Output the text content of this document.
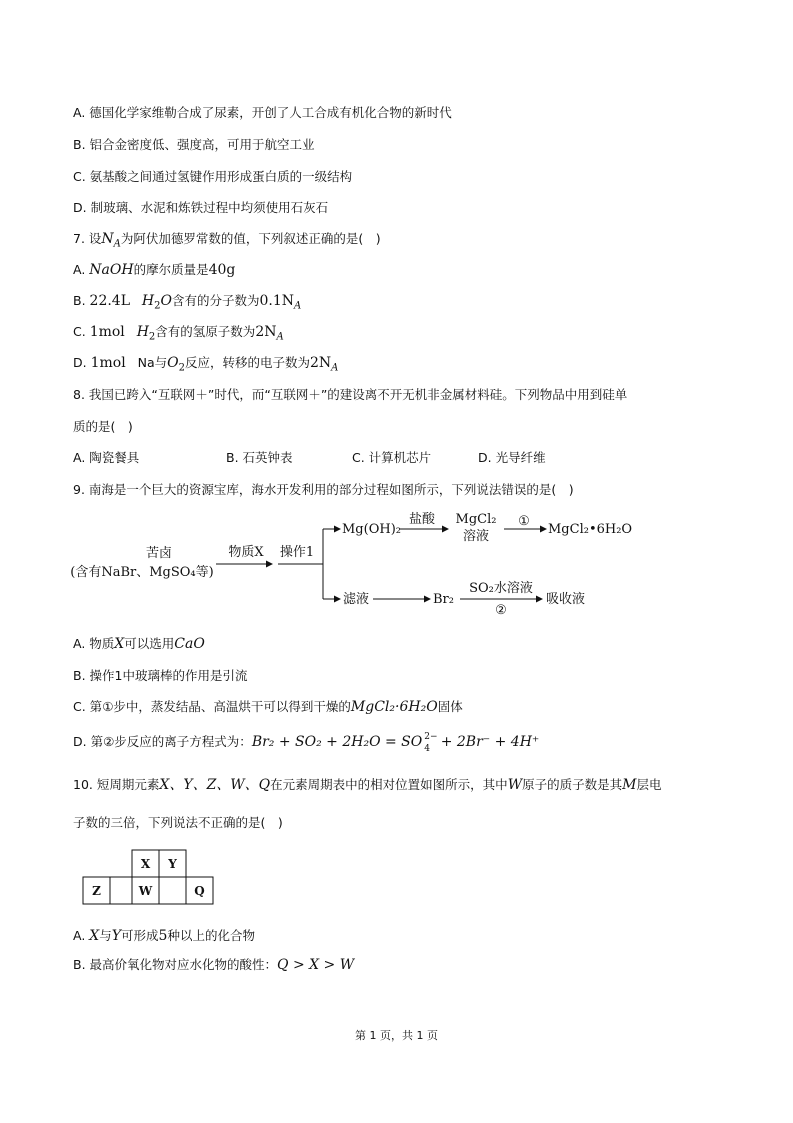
A. 德国化学家维勒合成了尿素，开创了人工合成有机化合物的新时代
B. 铝合金密度低、强度高，可用于航空工业
C. 氨基酸之间通过氢键作用形成蛋白质的一级结构
D. 制玻璃、水泥和炼铁过程中均须使用石灰石
7. 设$N_A$为阿伏加德罗常数的值，下列叙述正确的是(　)
A. NaOH的摩尔质量是40g
B. 22.4L $H_2O$含有的分子数为$0.1N_A$
C. 1mol $H_2$含有的氢原子数为$2N_A$
D. 1mol Na与$O_2$反应，转移的电子数为$2N_A$
8. 我国已跨入“互联网＋”时代，而“互联网＋”的建设离不开无机非金属材料硅。下列物品中用到硅单
质的是(　)
A. 陶瓷餐具	B. 石英钟表	C. 计算机芯片	D. 光导纤维
9. 南海是一个巨大的资源宝库，海水开发利用的部分过程如图所示，下列说法错误的是(　)
苦卤
(含有NaBr、MgSO₄等)
物质X 操作1
Mg(OH)₂
盐酸 MgCl₂
溶液
①
MgCl₂•6H₂O
滤液	Br₂
SO₂水溶液
②
吸收液
A. 物质X可以选用CaO
B. 操作1中玻璃棒的作用是引流
C. 第①步中，蒸发结晶、高温烘干可以得到干燥的MgCl₂·6H₂O固体
D. 第②步反应的离子方程式为：Br₂ + SO₂ + 2H₂O = SO 2−
4 + 2Br⁻ + 4H⁺
10. 短周期元素X、Y、Z、W、Q在元素周期表中的相对位置如图所示，其中W原子的质子数是其M层电
子数的三倍，下列说法不正确的是(　)
X Y
Z	W	Q
A. X与Y可形成5种以上的化合物
B. 最高价氧化物对应水化物的酸性：Q > X > W
第 1 页，共 1 页
